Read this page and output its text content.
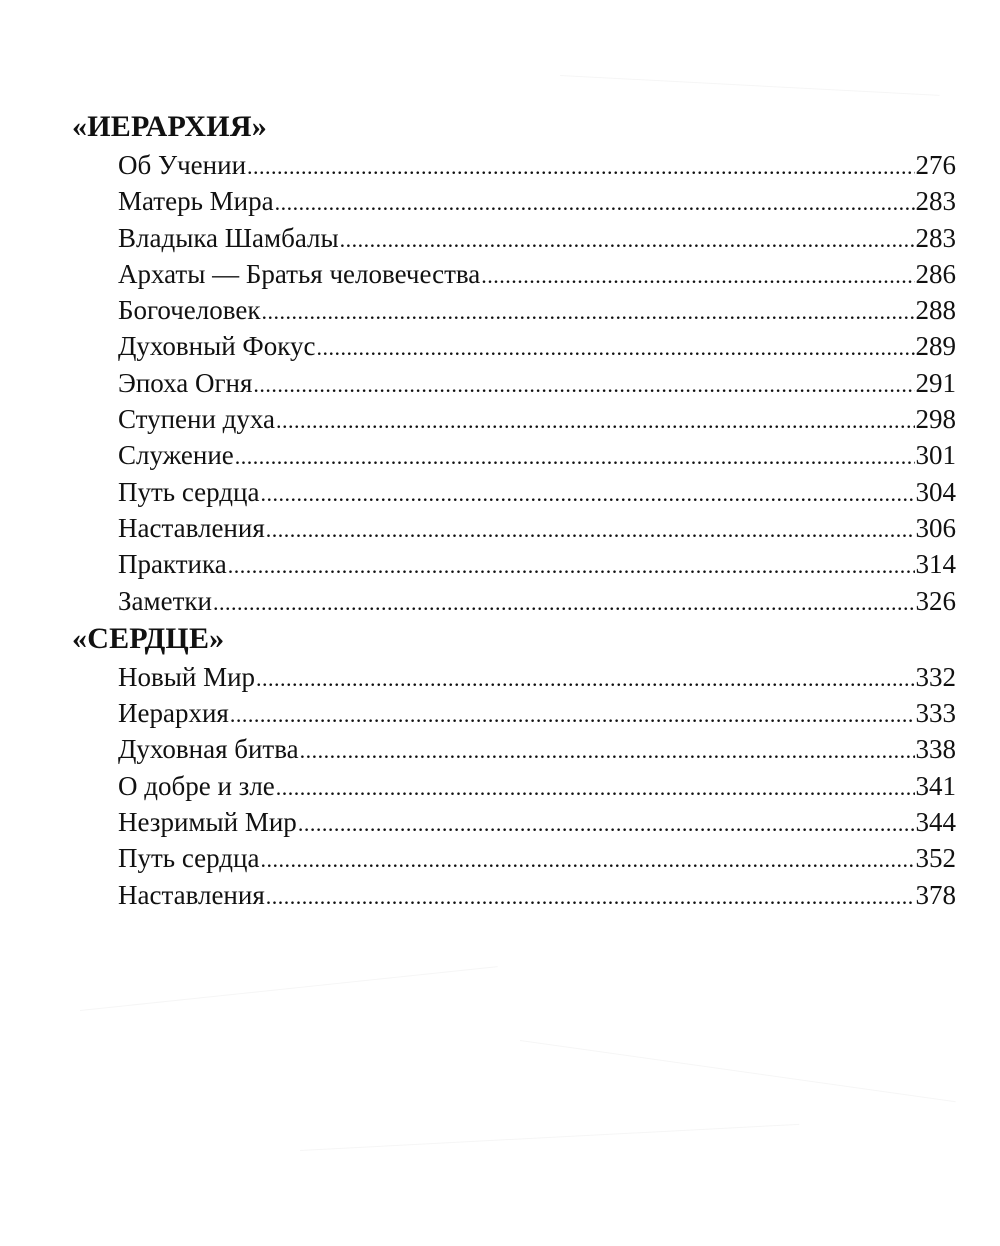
«ИЕРАРХИЯ»
Об Учении .....	276
Матерь Мира .....	283
Владыка Шамбалы .....	283
Архаты — Братья человечества .....	286
Богочеловек .....	288
Духовный Фокус .....	289
Эпоха Огня .....	291
Ступени духа .....	298
Служение .....	301
Путь сердца .....	304
Наставления .....	306
Практика .....	314
Заметки .....	326
«СЕРДЦЕ»
Новый Мир .....	332
Иерархия .....	333
Духовная битва .....	338
О добре и зле .....	341
Незримый Мир .....	344
Путь сердца .....	352
Наставления .....	378
